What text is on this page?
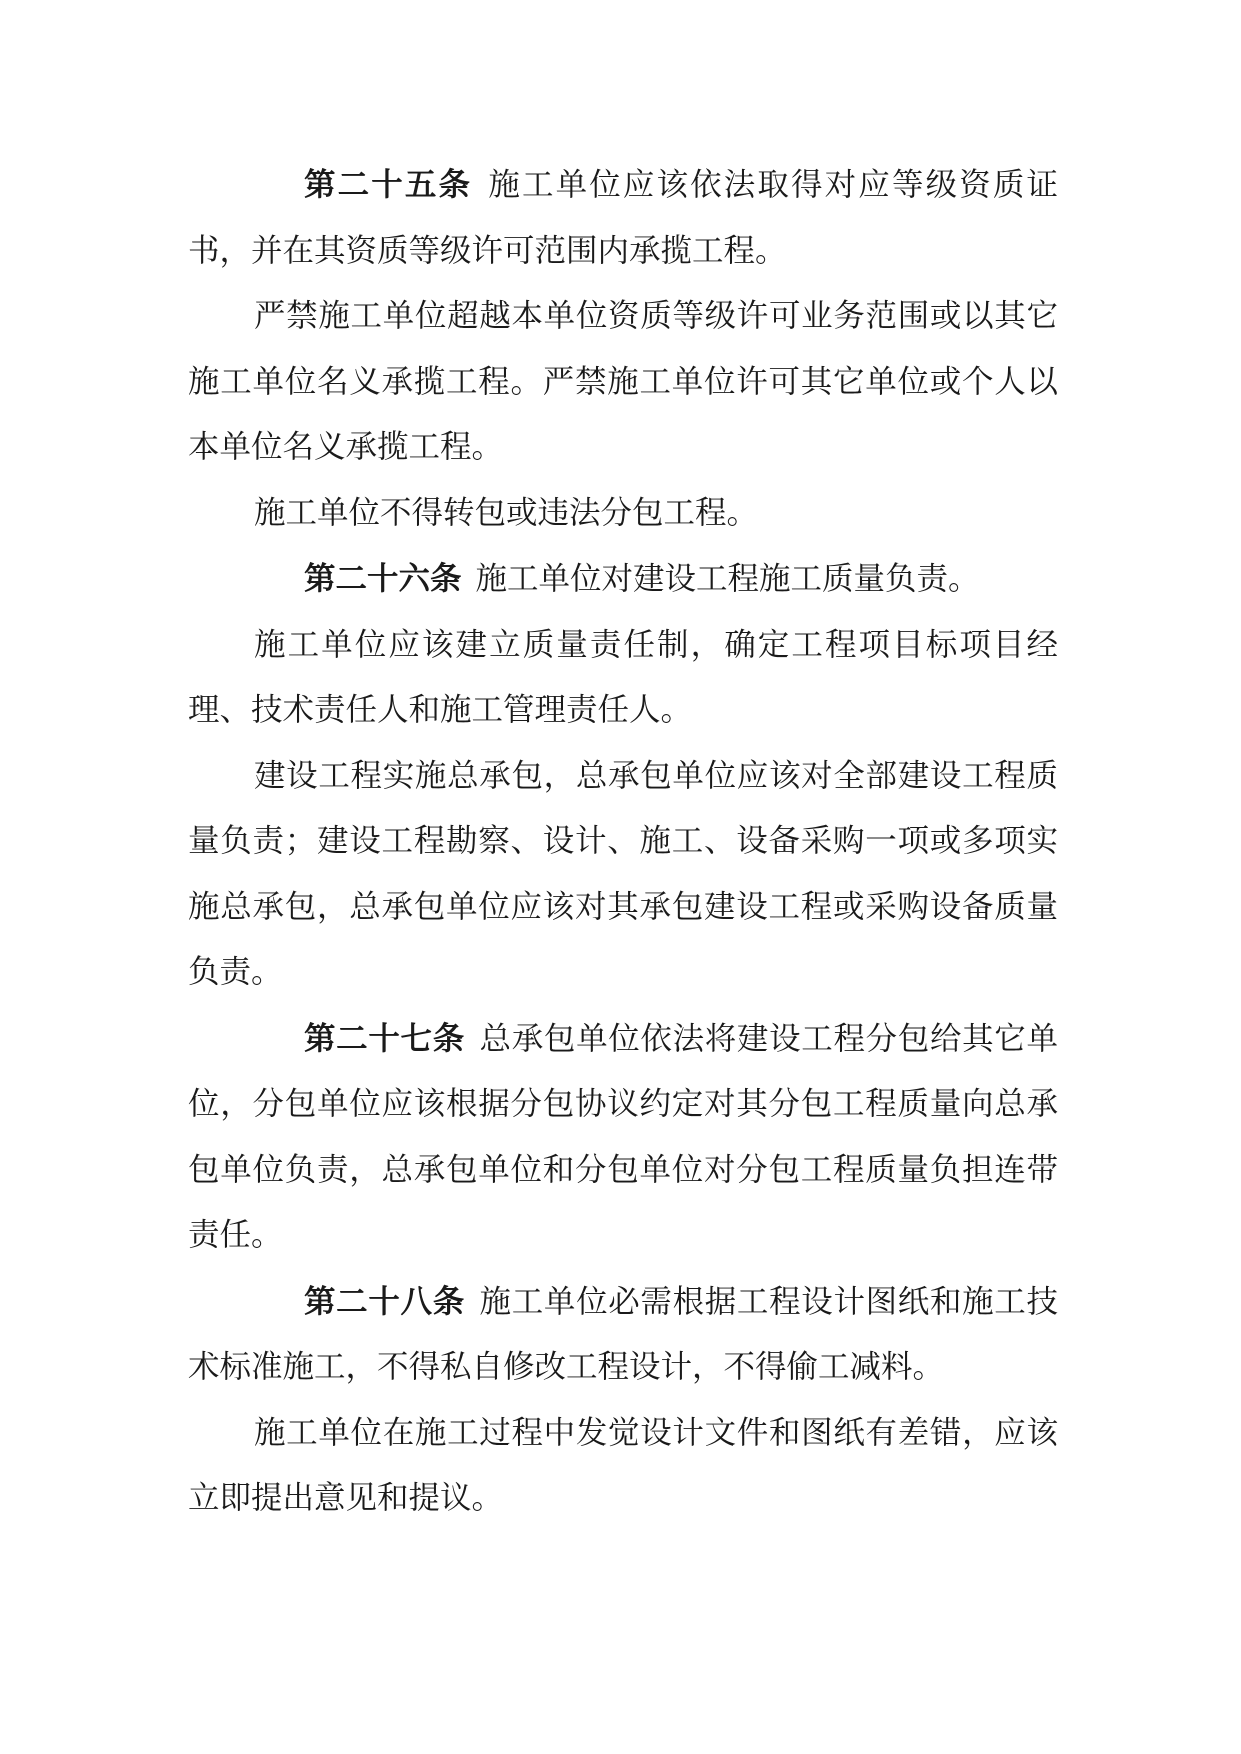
第二十五条 施工单位应该依法取得对应等级资质证书，并在其资质等级许可范围内承揽工程。

严禁施工单位超越本单位资质等级许可业务范围或以其它施工单位名义承揽工程。严禁施工单位许可其它单位或个人以本单位名义承揽工程。

施工单位不得转包或违法分包工程。

第二十六条 施工单位对建设工程施工质量负责。

施工单位应该建立质量责任制，确定工程项目标项目经理、技术责任人和施工管理责任人。

建设工程实施总承包，总承包单位应该对全部建设工程质量负责；建设工程勘察、设计、施工、设备采购一项或多项实施总承包，总承包单位应该对其承包建设工程或采购设备质量负责。

第二十七条 总承包单位依法将建设工程分包给其它单位，分包单位应该根据分包协议约定对其分包工程质量向总承包单位负责，总承包单位和分包单位对分包工程质量负担连带责任。

第二十八条 施工单位必需根据工程设计图纸和施工技术标准施工，不得私自修改工程设计，不得偷工减料。

施工单位在施工过程中发觉设计文件和图纸有差错，应该立即提出意见和提议。
